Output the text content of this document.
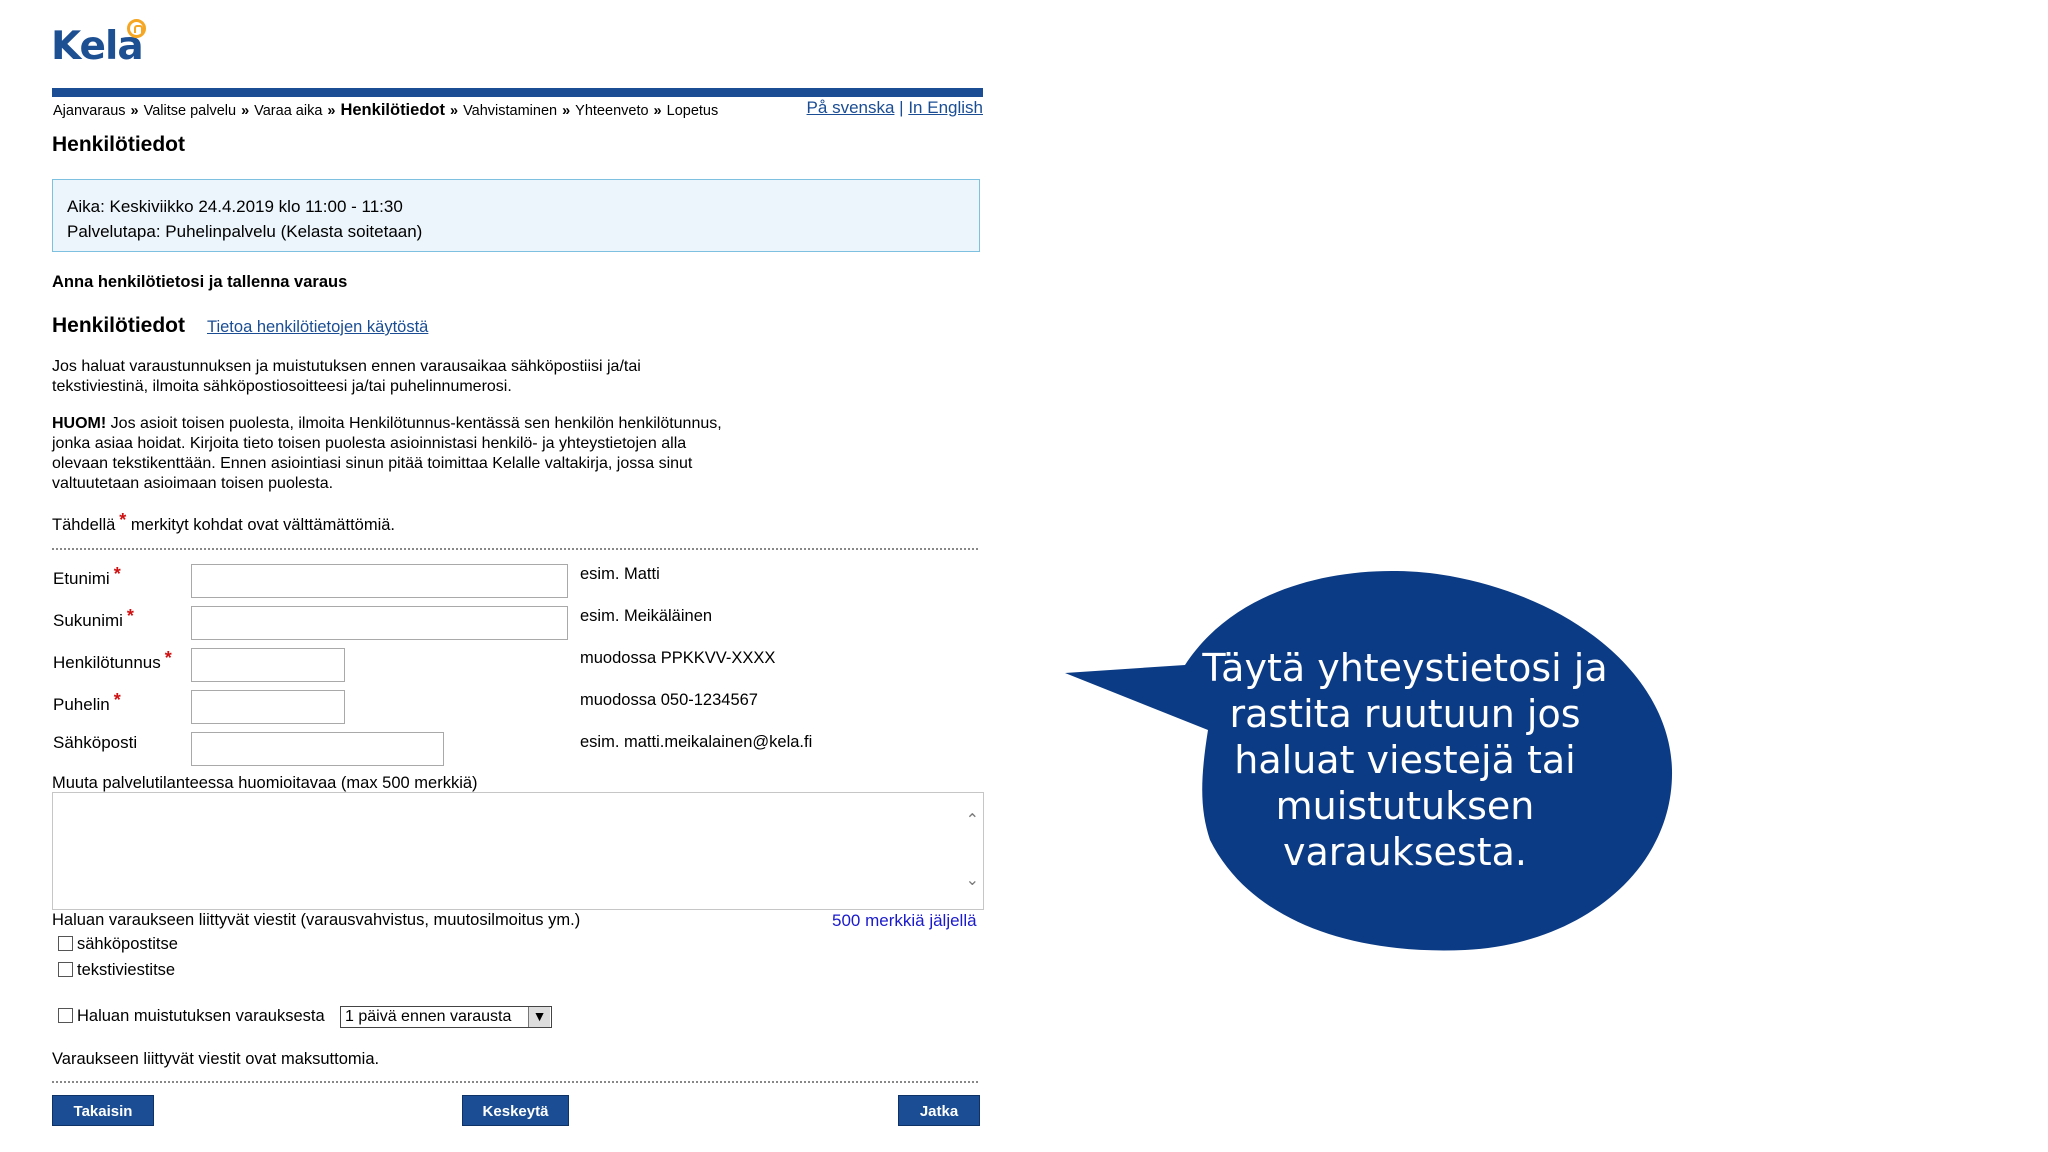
Kela
Ajanvaraus » Valitse palvelu » Varaa aika » Henkilötiedot » Vahvistaminen » Yhteenveto » Lopetus	På svenska | In English
Henkilötiedot
Aika: Keskiviikko 24.4.2019 klo 11:00 - 11:30
Palvelutapa: Puhelinpalvelu (Kelasta soitetaan)
Anna henkilötietosi ja tallenna varaus
Henkilötiedot Tietoa henkilötietojen käytöstä
Jos haluat varaustunnuksen ja muistutuksen ennen varausaikaa sähköpostiisi ja/tai
tekstiviestinä, ilmoita sähköpostiosoitteesi ja/tai puhelinnumerosi.
HUOM! Jos asioit toisen puolesta, ilmoita Henkilötunnus-kentässä sen henkilön henkilötunnus,
jonka asiaa hoidat. Kirjoita tieto toisen puolesta asioinnistasi henkilö- ja yhteystietojen alla
olevaan tekstikenttään. Ennen asiointiasi sinun pitää toimittaa Kelalle valtakirja, jossa sinut
valtuutetaan asioimaan toisen puolesta.
Tähdellä * merkityt kohdat ovat välttämättömiä.
Etunimi *	esim. Matti
Sukunimi *	esim. Meikäläinen
Henkilötunnus *	muodossa PPKKVV-XXXX
Puhelin *	muodossa 050-1234567
Sähköposti	esim. matti.meikalainen@kela.fi
Muuta palvelutilanteessa huomioitavaa (max 500 merkkiä)
⌃
⌄
Haluan varaukseen liittyvät viestit (varausvahvistus, muutosilmoitus ym.)	500 merkkiä jäljellä
sähköpostitse
tekstiviestitse
Haluan muistutuksen varauksesta	1 päivä ennen varausta	▼
Varaukseen liittyvät viestit ovat maksuttomia.
Takaisin	Keskeytä	Jatka
Täytä yhteystietosi ja
rastita ruutuun jos
haluat viestejä tai
muistutuksen
varauksesta.
